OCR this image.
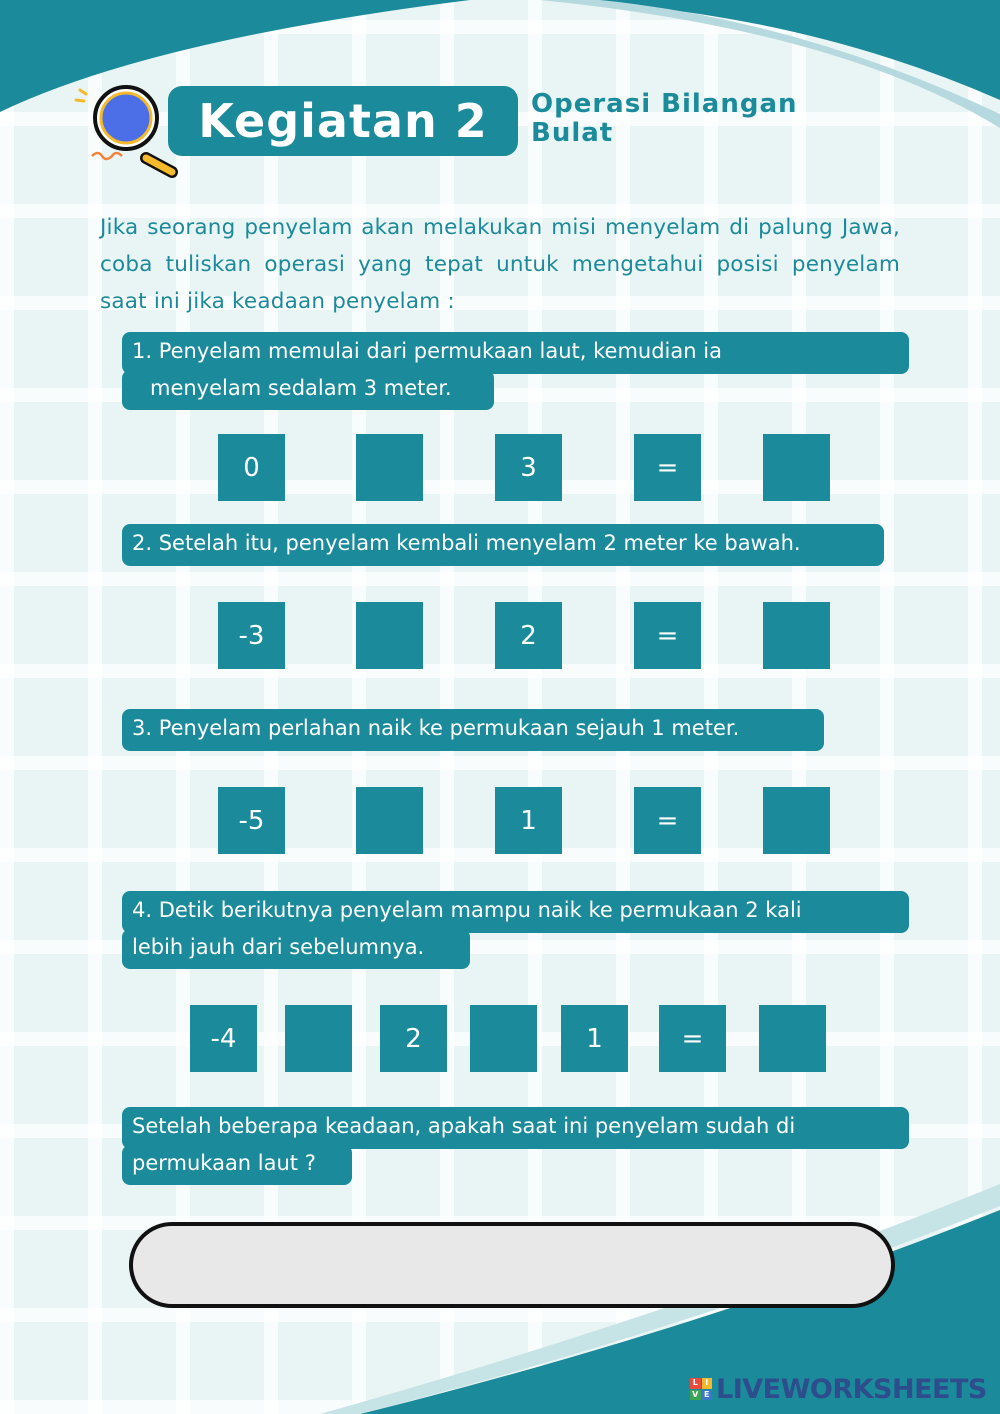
Kegiatan 2 Operasi Bilangan
Bulat
Jika seorang penyelam akan melakukan misi menyelam di palung Jawa, coba tuliskan operasi yang tepat untuk mengetahui posisi penyelam saat ini jika keadaan penyelam :
1. Penyelam memulai dari permukaan laut, kemudian ia
menyelam sedalam 3 meter.
0	3	=
2. Setelah itu, penyelam kembali menyelam 2 meter ke bawah.
-3	2	=
3. Penyelam perlahan naik ke permukaan sejauh 1 meter.
-5	1	=
4. Detik berikutnya penyelam mampu naik ke permukaan 2 kali
lebih jauh dari sebelumnya.
-4	2	1	=
Setelah beberapa keadaan, apakah saat ini penyelam sudah di
permukaan laut ?
L I
V E LIVEWORKSHEETS
